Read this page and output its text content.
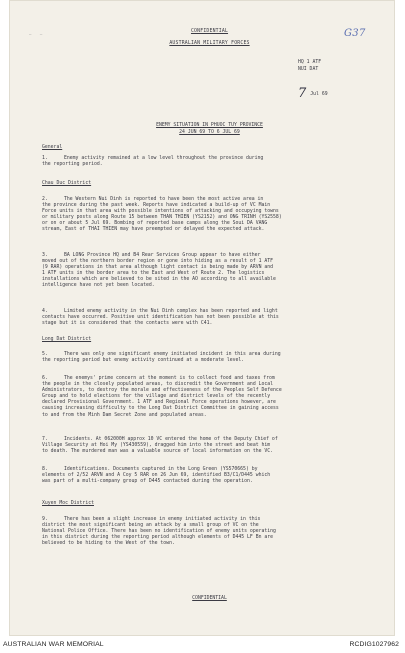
— —	G37
CONFIDENTIAL
AUSTRALIAN MILITARY FORCES
HQ 1 ATF
NUI DAT
7 Jul 69
ENEMY SITUATION IN PHUOC TUY PROVINCE
24 JUN 69 TO 6 JUL 69
General
1.	Enemy activity remained at a low level throughout the province during
the reporting period.
Chau Duc District
2.	The Western Nui Dinh is reported to have been the most active area in
the province during the past week. Reports have indicated a build-up of VC Main
Force units in that area with possible intentions of attacking and occupying towns
or military posts along Route 15 between THAN THIEN (YS2152) and ONG TRINH (YS2558)
or on or about 5 Jul 69. Bombing of reported base camps along the Soui DA VANG
stream, East of THAI THIEN may have preempted or delayed the expected attack.
3.	BA LONG Province HQ and B4 Rear Services Group appear to have either
moved out of the northern border region or gone into hiding as a result of 1 ATF
(9 RAR) operations in that area although light contact is being made by ARVN and
1 ATF units in the border area to the East and West of Route 2. The logistics
installations which are believed to be sited in the AO according to all available
intelligence have not yet been located.
4.	Limited enemy activity in the Nui Dinh complex has been reported and light
contacts have occurred. Positive unit identification has not been possible at this
stage but it is considered that the contacts were with C41.
Long Dat District
5.	There was only one significant enemy initiated incident in this area during
the reporting period but enemy activity continued at a moderate level.
6.	The enemys' prime concern at the moment is to collect food and taxes from
the people in the closely populated areas, to discredit the Government and Local
Administrators, to destroy the morale and effectiveness of the Peoples Self Defence
Group and to hold elections for the village and district levels of the recently
declared Provisional Government. 1 ATF and Regional Force operations however, are
causing increasing difficulty to the Long Dat District Committee in gaining access
to and from the Minh Dam Secret Zone and populated areas.
7.	Incidents. At 062000H approx 10 VC entered the home of the Deputy Chief of
Village Security at Hoi My (YS430559), dragged him into the street and beat him
to death. The murdered man was a valuable source of local information on the VC.
8.	Identifications. Documents captured in the Long Green (YS570665) by
elements of 2/52 ARVN and A Coy 5 RAR on 26 Jun 69, identified B3/C1/D445 which
was part of a multi-company group of D445 contacted during the operation.
Xuyen Moc District
9.	There has been a slight increase in enemy initiated activity in this
district the most significant being an attack by a small group of VC on the
National Police Office. There has been no identification of enemy units operating
in this district during the reporting period although elements of D445 LF Bn are
believed to be hiding to the West of the town.
CONFIDENTIAL
AUSTRALIAN WAR MEMORIAL	RCDIG1027962
